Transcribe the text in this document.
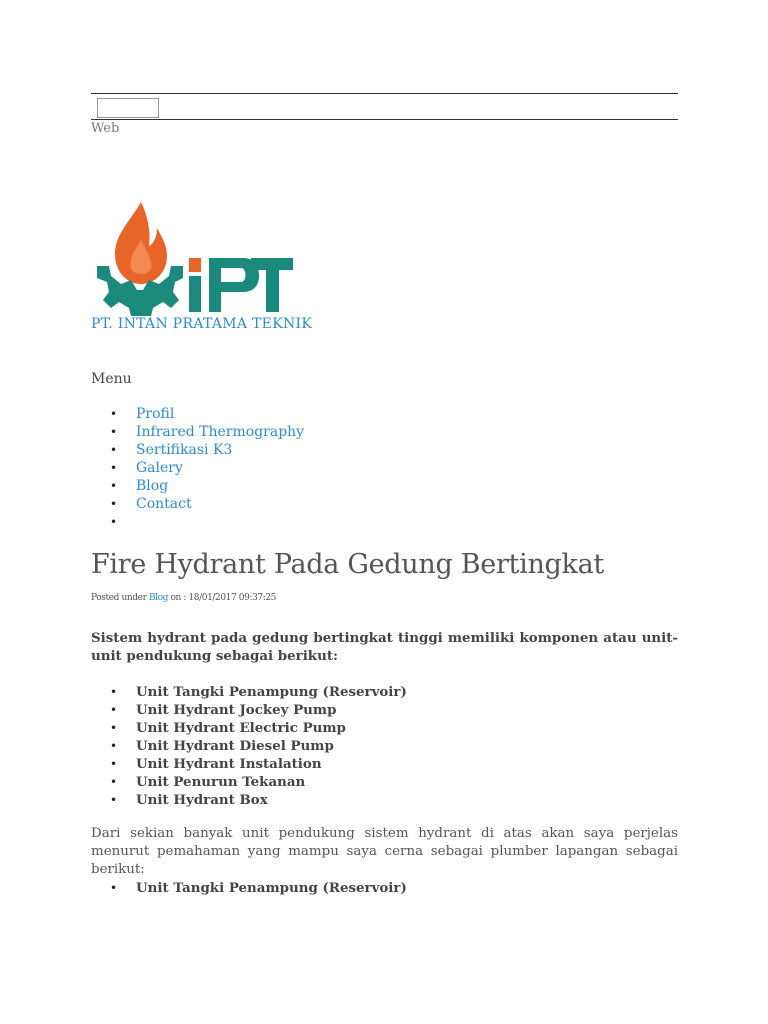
Web
PT. INTAN PRATAMA TEKNIK
Menu
• Profil
• Infrared Thermography
• Sertifikasi K3
• Galery
• Blog
• Contact
•
Fire Hydrant Pada Gedung Bertingkat
Posted under Blog on : 18/01/2017 09:37:25

Sistem hydrant pada gedung bertingkat tinggi memiliki komponen atau unit-unit pendukung sebagai berikut:

• Unit Tangki Penampung (Reservoir)
• Unit Hydrant Jockey Pump
• Unit Hydrant Electric Pump
• Unit Hydrant Diesel Pump
• Unit Hydrant Instalation
• Unit Penurun Tekanan
• Unit Hydrant Box

Dari sekian banyak unit pendukung sistem hydrant di atas akan saya perjelas menurut pemahaman yang mampu saya cerna sebagai plumber lapangan sebagai berikut:

• Unit Tangki Penampung (Reservoir)
